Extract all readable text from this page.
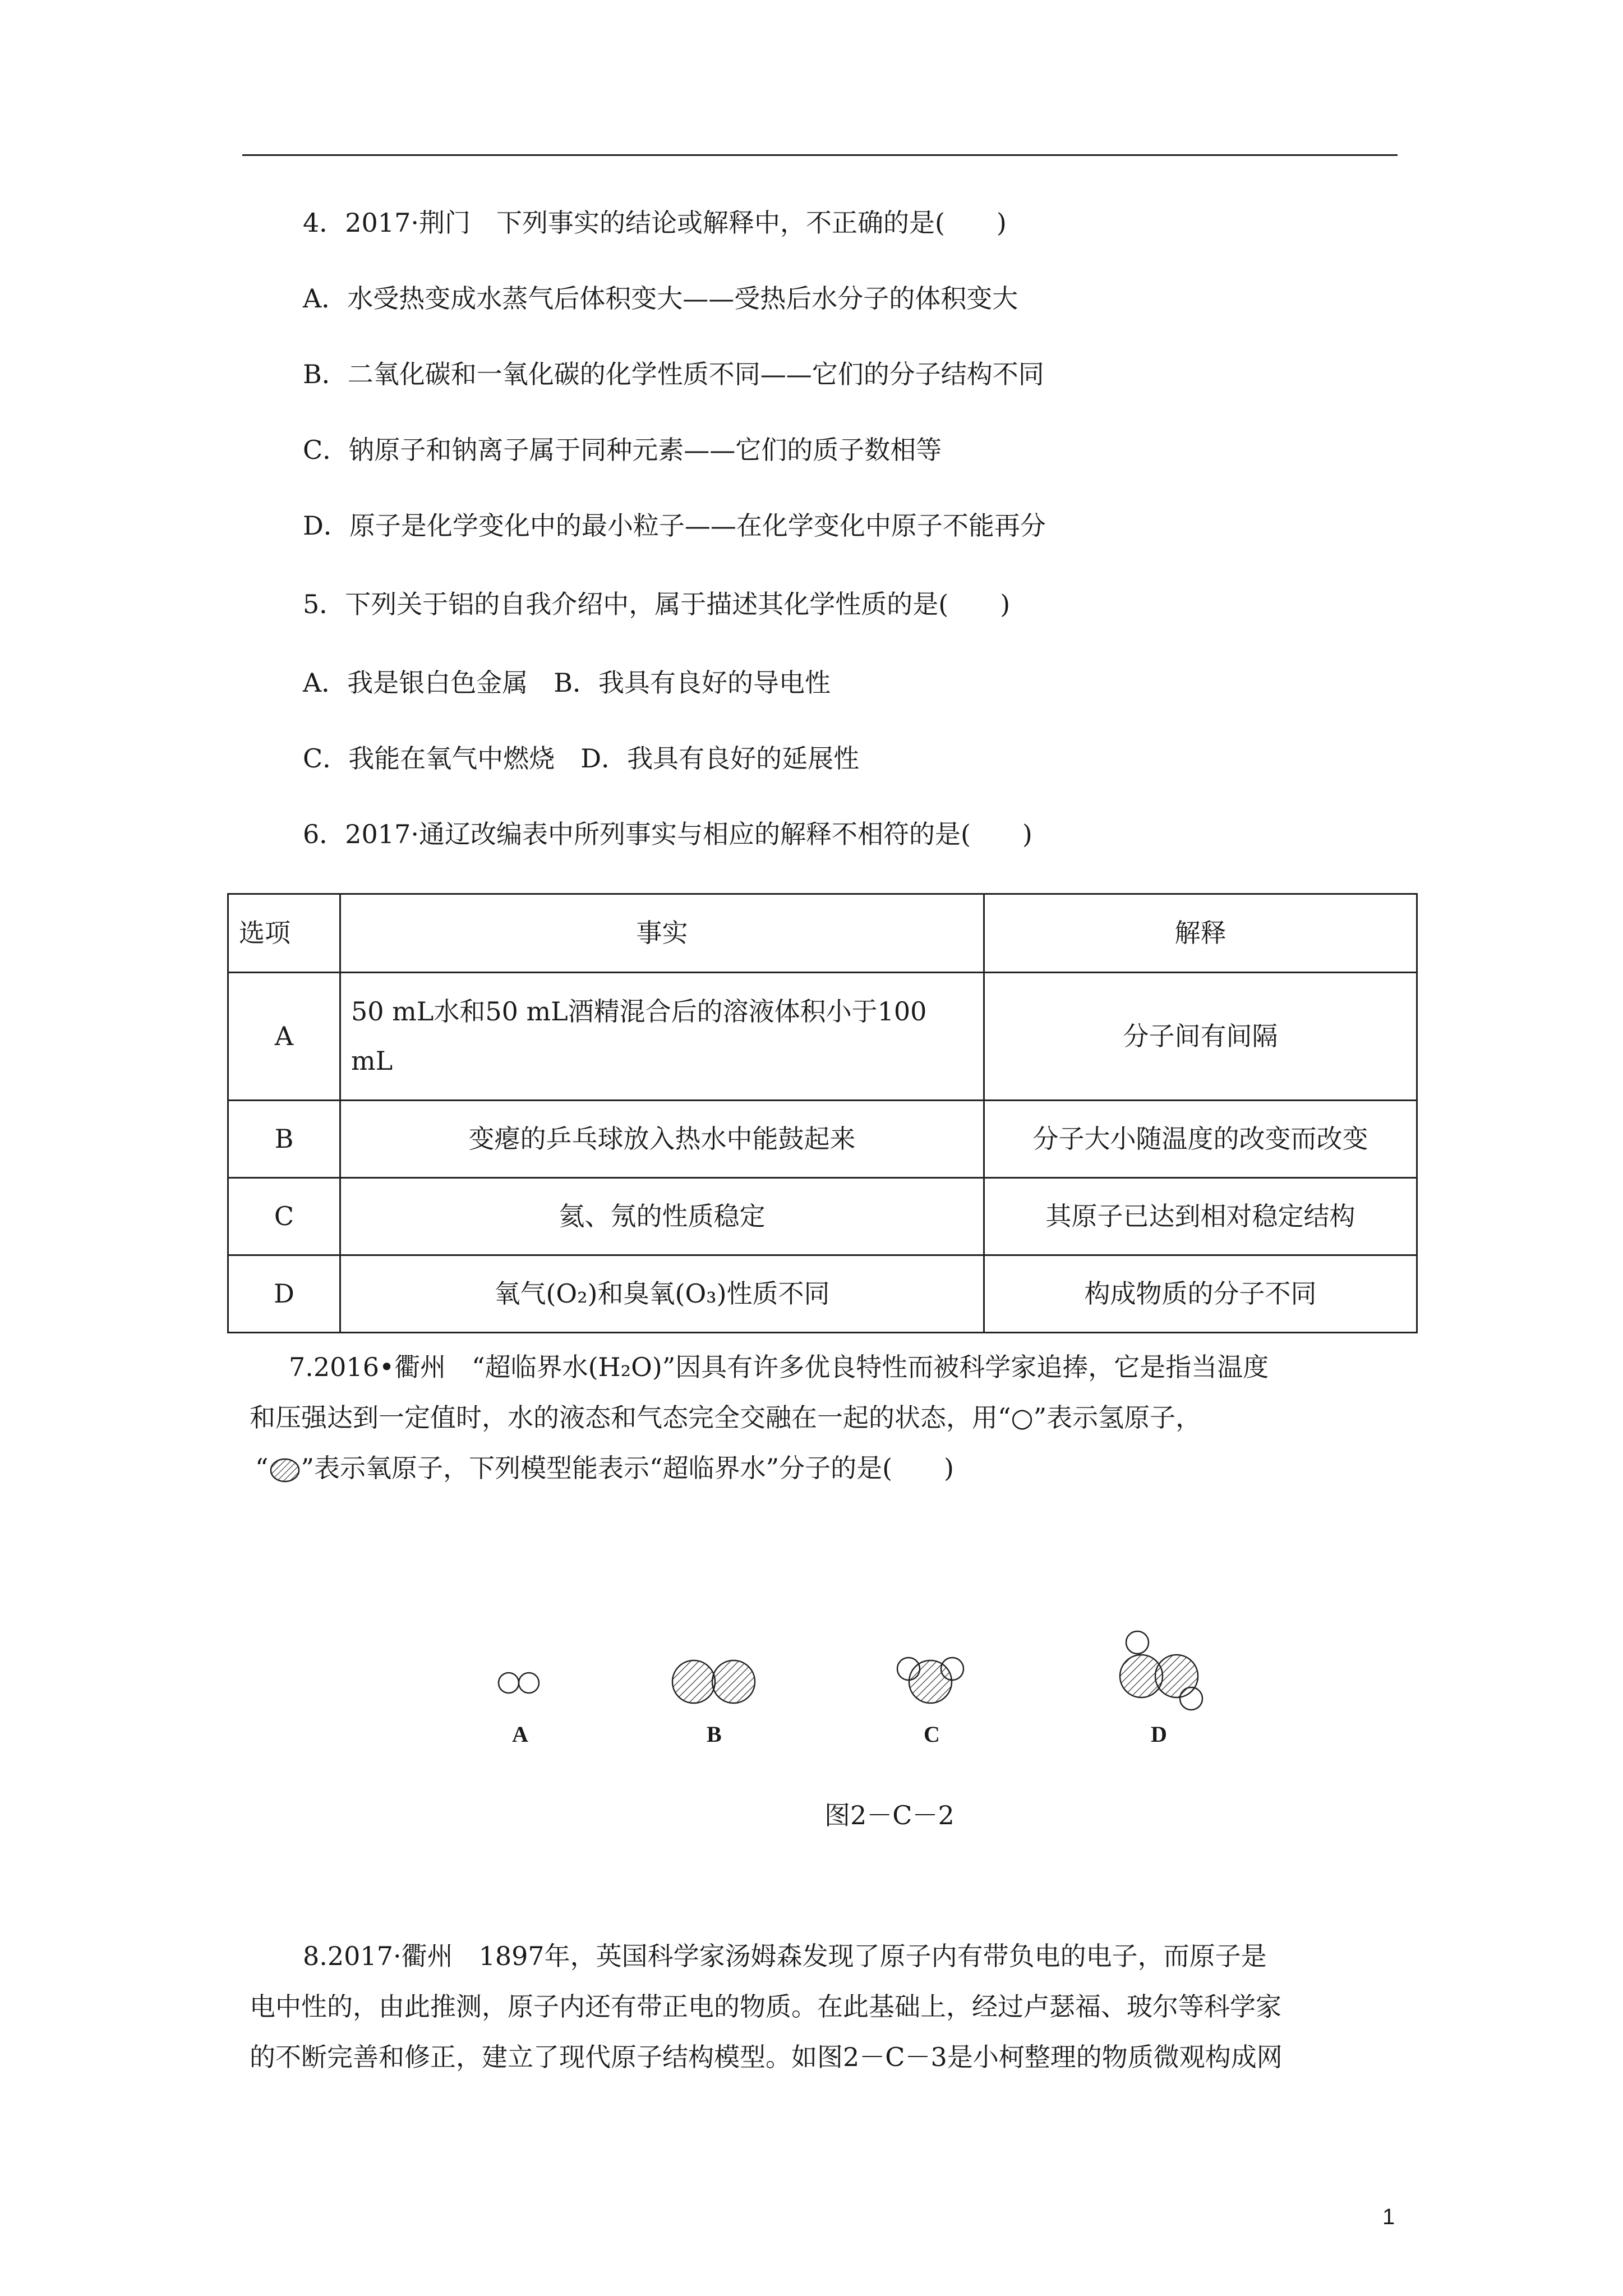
4．2017·荆门　下列事实的结论或解释中，不正确的是(　　)
A．水受热变成水蒸气后体积变大——受热后水分子的体积变大
B．二氧化碳和一氧化碳的化学性质不同——它们的分子结构不同
C．钠原子和钠离子属于同种元素——它们的质子数相等
D．原子是化学变化中的最小粒子——在化学变化中原子不能再分
5．下列关于铝的自我介绍中，属于描述其化学性质的是(　　)
A．我是银白色金属　B．我具有良好的导电性
C．我能在氧气中燃烧　D．我具有良好的延展性
6．2017·通辽改编表中所列事实与相应的解释不相符的是(　　)
选项	事实	解释
A	50 mL水和50 mL酒精混合后的溶液体积小于100 mL	分子间有间隔
B	变瘪的乒乓球放入热水中能鼓起来	分子大小随温度的改变而改变
C	氦、氖的性质稳定	其原子已达到相对稳定结构
D	氧气(O₂)和臭氧(O₃)性质不同	构成物质的分子不同
7.2016•衢州　“超临界水(H₂O)”因具有许多优良特性而被科学家追捧，它是指当温度
和压强达到一定值时，水的液态和气态完全交融在一起的状态，用“○”表示氢原子，
“ ”表示氧原子，下列模型能表示“超临界水”分子的是(　　)
A	B	C	D
图2－C－2
8.2017·衢州　1897年，英国科学家汤姆森发现了原子内有带负电的电子，而原子是
电中性的，由此推测，原子内还有带正电的物质。在此基础上，经过卢瑟福、玻尔等科学家
的不断完善和修正，建立了现代原子结构模型。如图2－C－3是小柯整理的物质微观构成网
1
